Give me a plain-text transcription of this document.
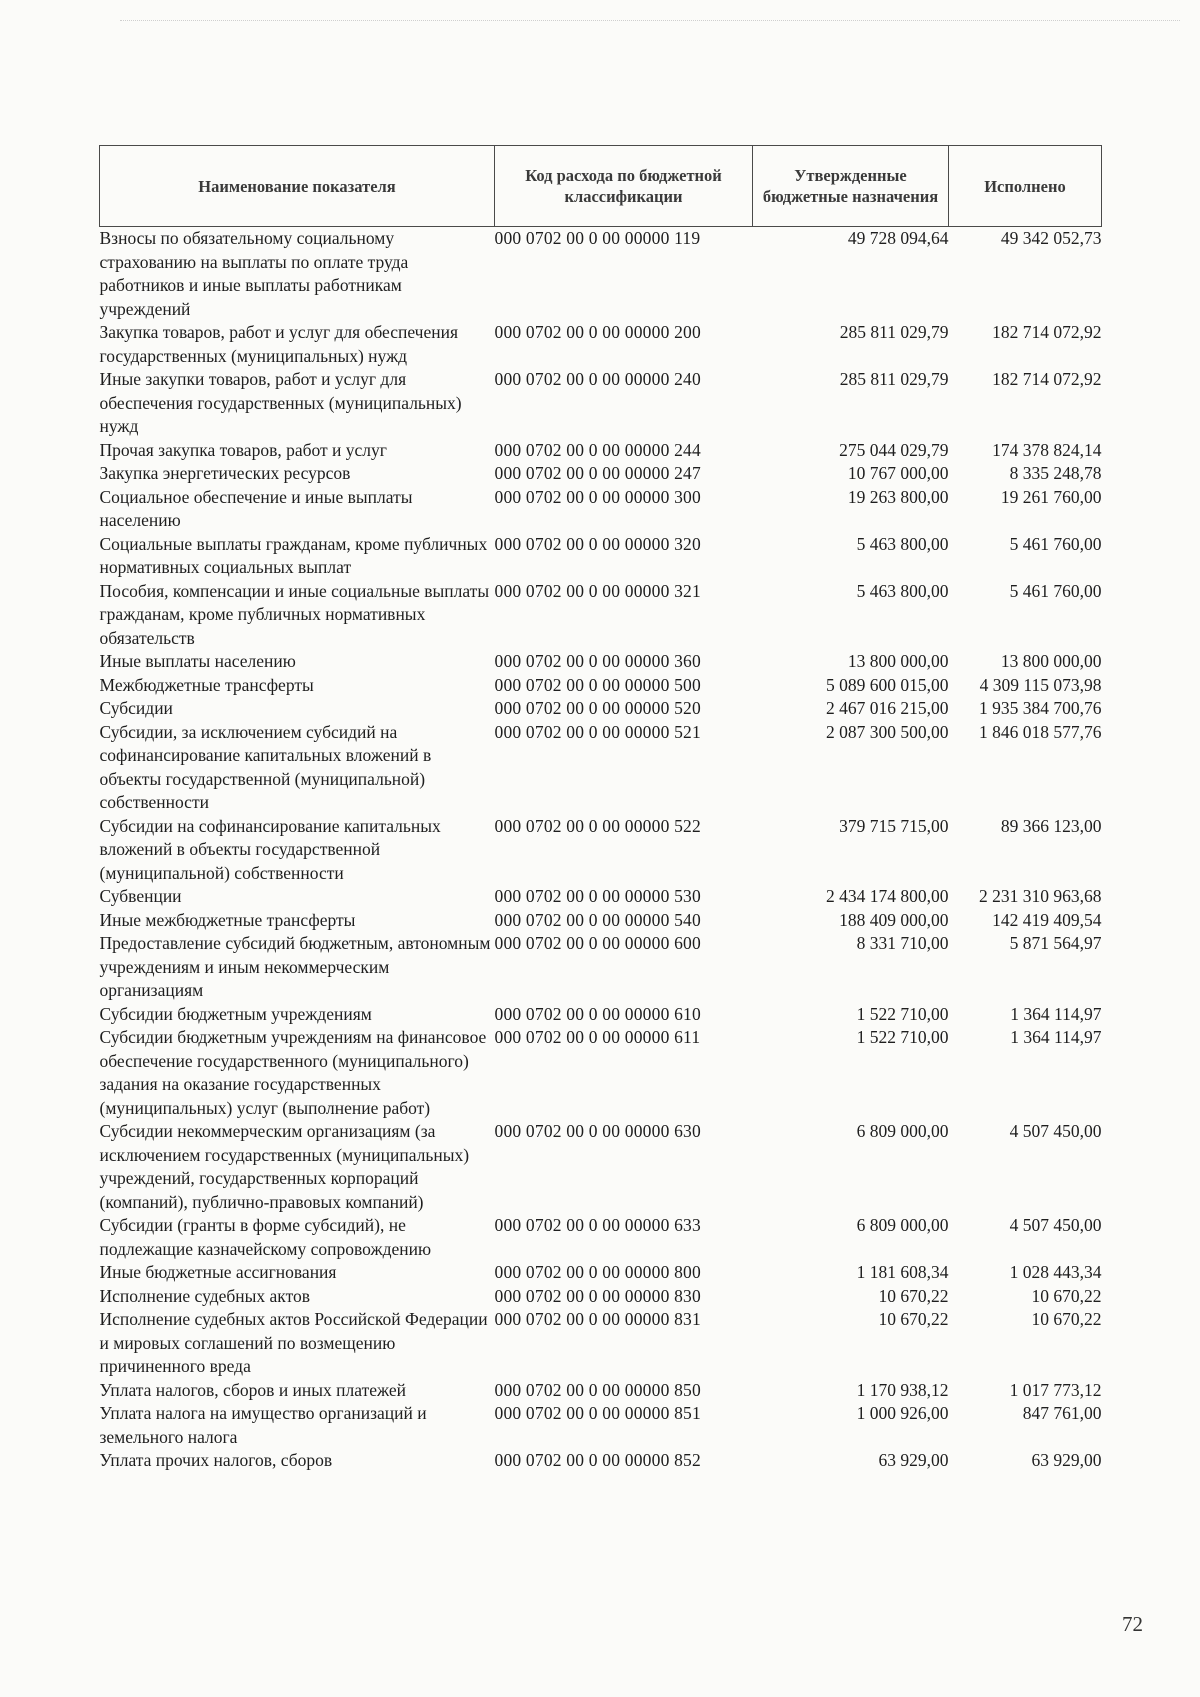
Наименование показателя	Код расхода по бюджетной классификации	Утвержденные бюджетные назначения	Исполнено
Взносы по обязательному социальному страхованию на выплаты по оплате труда работников и иные выплаты работникам учреждений	000 0702 00 0 00 00000 119	49 728 094,64	49 342 052,73
Закупка товаров, работ и услуг для обеспечения государственных (муниципальных) нужд	000 0702 00 0 00 00000 200	285 811 029,79	182 714 072,92
Иные закупки товаров, работ и услуг для обеспечения государственных (муниципальных) нужд	000 0702 00 0 00 00000 240	285 811 029,79	182 714 072,92
Прочая закупка товаров, работ и услуг	000 0702 00 0 00 00000 244	275 044 029,79	174 378 824,14
Закупка энергетических ресурсов	000 0702 00 0 00 00000 247	10 767 000,00	8 335 248,78
Социальное обеспечение и иные выплаты населению	000 0702 00 0 00 00000 300	19 263 800,00	19 261 760,00
Социальные выплаты гражданам, кроме публичных нормативных социальных выплат	000 0702 00 0 00 00000 320	5 463 800,00	5 461 760,00
Пособия, компенсации и иные социальные выплаты гражданам, кроме публичных нормативных обязательств	000 0702 00 0 00 00000 321	5 463 800,00	5 461 760,00
Иные выплаты населению	000 0702 00 0 00 00000 360	13 800 000,00	13 800 000,00
Межбюджетные трансферты	000 0702 00 0 00 00000 500	5 089 600 015,00	4 309 115 073,98
Субсидии	000 0702 00 0 00 00000 520	2 467 016 215,00	1 935 384 700,76
Субсидии, за исключением субсидий на софинансирование капитальных вложений в объекты государственной (муниципальной) собственности	000 0702 00 0 00 00000 521	2 087 300 500,00	1 846 018 577,76
Субсидии на софинансирование капитальных вложений в объекты государственной (муниципальной) собственности	000 0702 00 0 00 00000 522	379 715 715,00	89 366 123,00
Субвенции	000 0702 00 0 00 00000 530	2 434 174 800,00	2 231 310 963,68
Иные межбюджетные трансферты	000 0702 00 0 00 00000 540	188 409 000,00	142 419 409,54
Предоставление субсидий бюджетным, автономным учреждениям и иным некоммерческим организациям	000 0702 00 0 00 00000 600	8 331 710,00	5 871 564,97
Субсидии бюджетным учреждениям	000 0702 00 0 00 00000 610	1 522 710,00	1 364 114,97
Субсидии бюджетным учреждениям на финансовое обеспечение государственного (муниципального) задания на оказание государственных (муниципальных) услуг (выполнение работ)	000 0702 00 0 00 00000 611	1 522 710,00	1 364 114,97
Субсидии некоммерческим организациям (за исключением государственных (муниципальных) учреждений, государственных корпораций (компаний), публично-правовых компаний)	000 0702 00 0 00 00000 630	6 809 000,00	4 507 450,00
Субсидии (гранты в форме субсидий), не подлежащие казначейскому сопровождению	000 0702 00 0 00 00000 633	6 809 000,00	4 507 450,00
Иные бюджетные ассигнования	000 0702 00 0 00 00000 800	1 181 608,34	1 028 443,34
Исполнение судебных актов	000 0702 00 0 00 00000 830	10 670,22	10 670,22
Исполнение судебных актов Российской Федерации и мировых соглашений по возмещению причиненного вреда	000 0702 00 0 00 00000 831	10 670,22	10 670,22
Уплата налогов, сборов и иных платежей	000 0702 00 0 00 00000 850	1 170 938,12	1 017 773,12
Уплата налога на имущество организаций и земельного налога	000 0702 00 0 00 00000 851	1 000 926,00	847 761,00
Уплата прочих налогов, сборов	000 0702 00 0 00 00000 852	63 929,00	63 929,00
72
